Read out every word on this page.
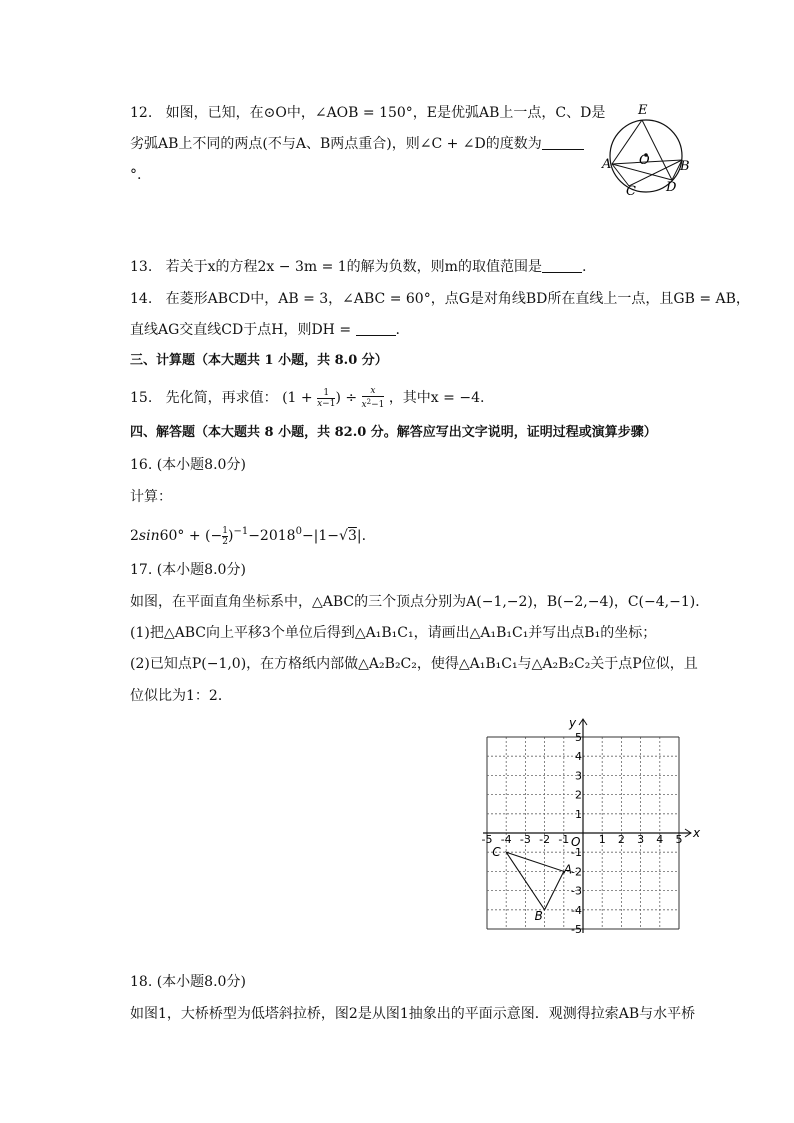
12. 如图，已知，在⊙O中，∠AOB = 150°，E是优弧AB上一点，C、D是
劣弧AB上不同的两点(不与A、B两点重合)，则∠C + ∠D的度数为
°.
E
O
A	B
C D
13. 若关于x的方程2x − 3m = 1的解为负数，则m的取值范围是	.
14. 在菱形ABCD中，AB = 3，∠ABC = 60°，点G是对角线BD所在直线上一点，且GB = AB，
直线AG交直线CD于点H，则DH =	.
三、计算题（本大题共 1 小题，共 8.0 分）
15. 先化简，再求值： ($1 + \frac{1}{x-1}$ ) ÷ $\frac{x}{x^2-1}$ ，其中x = −4.
四、解答题（本大题共 8 小题，共 82.0 分。解答应写出文字说明，证明过程或演算步骤）
16. (本小题8.0分)
计算：
2sin60° + (− $\frac{1}{2} )^{-1}-2018^0-|1-√3|$.
17. (本小题8.0分)
如图，在平面直角坐标系中，△ABC的三个顶点分别为A(−1,−2)，B(−2,−4)，C(−4,−1)．
(1)把△ABC向上平移3个单位后得到△A₁B₁C₁，请画出△A₁B₁C₁并写出点B₁的坐标；
(2)已知点P(−1,0)，在方格纸内部做△A₂B₂C₂，使得△A₁B₁C₁与△A₂B₂C₂关于点P位似，且
位似比为1：2．
x
y
O
-5 -4 -3 -2 -1	1 2 3 4 5
5
4
3
2
1
-1
-2
-3
-4
-5
A
B
C
18. (本小题8.0分)
如图1，大桥桥型为低塔斜拉桥，图2是从图1抽象出的平面示意图．观测得拉索AB与水平桥
